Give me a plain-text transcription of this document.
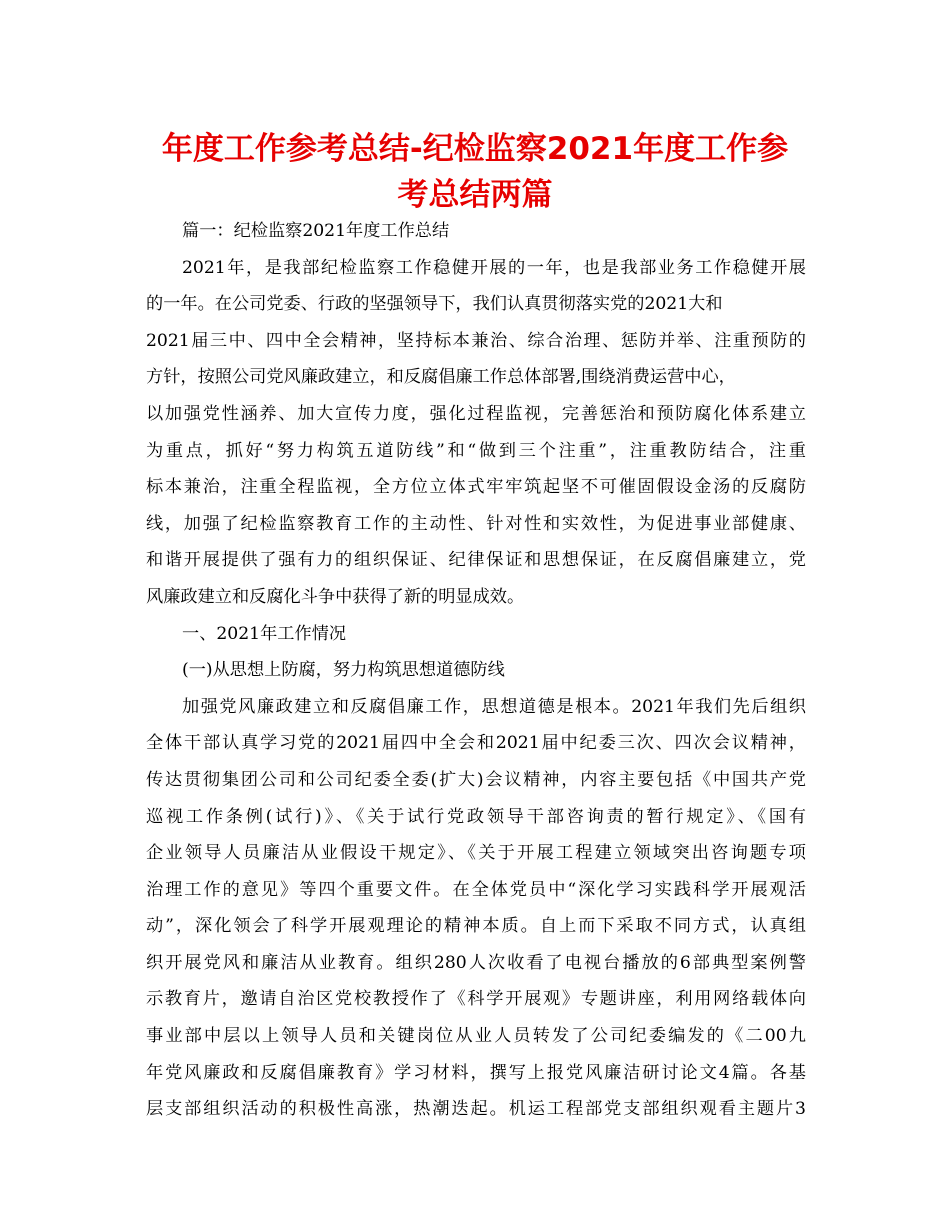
年度工作参考总结-纪检监察2021年度工作参
考总结两篇
篇一：纪检监察2021年度工作总结
2021年，是我部纪检监察工作稳健开展的一年，也是我部业务工作稳健开展
的一年。在公司党委、行政的坚强领导下，我们认真贯彻落实党的2021大和
2021届三中、四中全会精神，坚持标本兼治、综合治理、惩防并举、注重预防的
方针，按照公司党风廉政建立，和反腐倡廉工作总体部署,围绕消费运营中心，
以加强党性涵养、加大宣传力度，强化过程监视，完善惩治和预防腐化体系建立
为重点，抓好“努力构筑五道防线”和“做到三个注重”，注重教防结合，注重
标本兼治，注重全程监视，全方位立体式牢牢筑起坚不可催固假设金汤的反腐防
线，加强了纪检监察教育工作的主动性、针对性和实效性，为促进事业部健康、
和谐开展提供了强有力的组织保证、纪律保证和思想保证，在反腐倡廉建立，党
风廉政建立和反腐化斗争中获得了新的明显成效。
一、2021年工作情况
(一)从思想上防腐，努力构筑思想道德防线
加强党风廉政建立和反腐倡廉工作，思想道德是根本。2021年我们先后组织
全体干部认真学习党的2021届四中全会和2021届中纪委三次、四次会议精神，
传达贯彻集团公司和公司纪委全委(扩大)会议精神，内容主要包括《中国共产党
巡视工作条例(试行)》、《关于试行党政领导干部咨询责的暂行规定》、《国有
企业领导人员廉洁从业假设干规定》、《关于开展工程建立领域突出咨询题专项
治理工作的意见》等四个重要文件。在全体党员中“深化学习实践科学开展观活
动”，深化领会了科学开展观理论的精神本质。自上而下采取不同方式，认真组
织开展党风和廉洁从业教育。组织280人次收看了电视台播放的6部典型案例警
示教育片，邀请自治区党校教授作了《科学开展观》专题讲座，利用网络载体向
事业部中层以上领导人员和关键岗位从业人员转发了公司纪委编发的《二00九
年党风廉政和反腐倡廉教育》学习材料，撰写上报党风廉洁研讨论文4篇。各基
层支部组织活动的积极性高涨，热潮迭起。机运工程部党支部组织观看主题片3
